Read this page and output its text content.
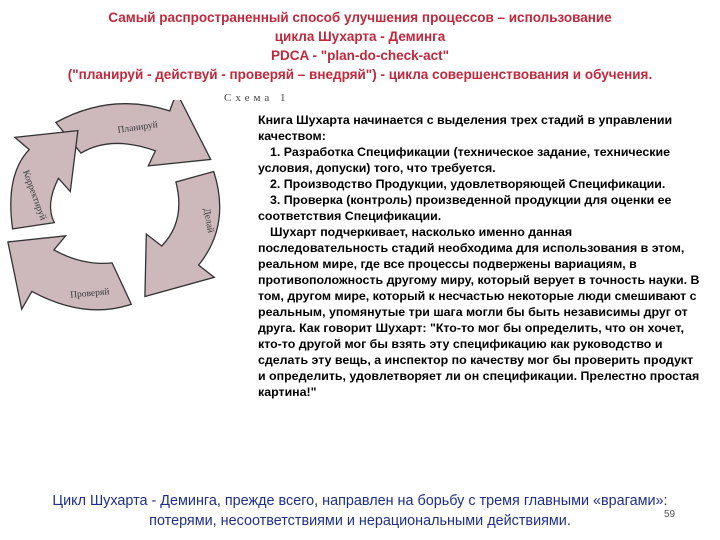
Самый распространенный способ улучшения процессов – использование
цикла Шухарта - Деминга
PDCA - "plan-do-check-act"
("планируй - действуй - проверяй – внедряй") - цикла совершенствования и обучения.
Схема 1
Планируй
Делай
Проверяй
Корректируй

Книга Шухарта начинается с выделения трех стадий в управлении качеством:

1. Разработка Спецификации (техническое задание, технические условия, допуски) того, что требуется.

2. Производство Продукции, удовлетворяющей Спецификации.

3. Проверка (контроль) произведенной продукции для оценки ее соответствия Спецификации.

Шухарт подчеркивает, насколько именно данная последовательность стадий необходима для использования в этом, реальном мире, где все процессы подвержены вариациям, в противоположность другому миру, который верует в точность науки. В том, другом мире, который к несчастью некоторые люди смешивают с реальным, упомянутые три шага могли бы быть независимы друг от друга. Как говорит Шухарт: "Кто-то мог бы определить, что он хочет, кто-то другой мог бы взять эту спецификацию как руководство и сделать эту вещь, а инспектор по качеству мог бы проверить продукт и определить, удовлетворяет ли он спецификации. Прелестно простая картина!"

Цикл Шухарта - Деминга, прежде всего, направлен на борьбу с тремя главными «врагами»:
потерями, несоответствиями и нерациональными действиями.	59
